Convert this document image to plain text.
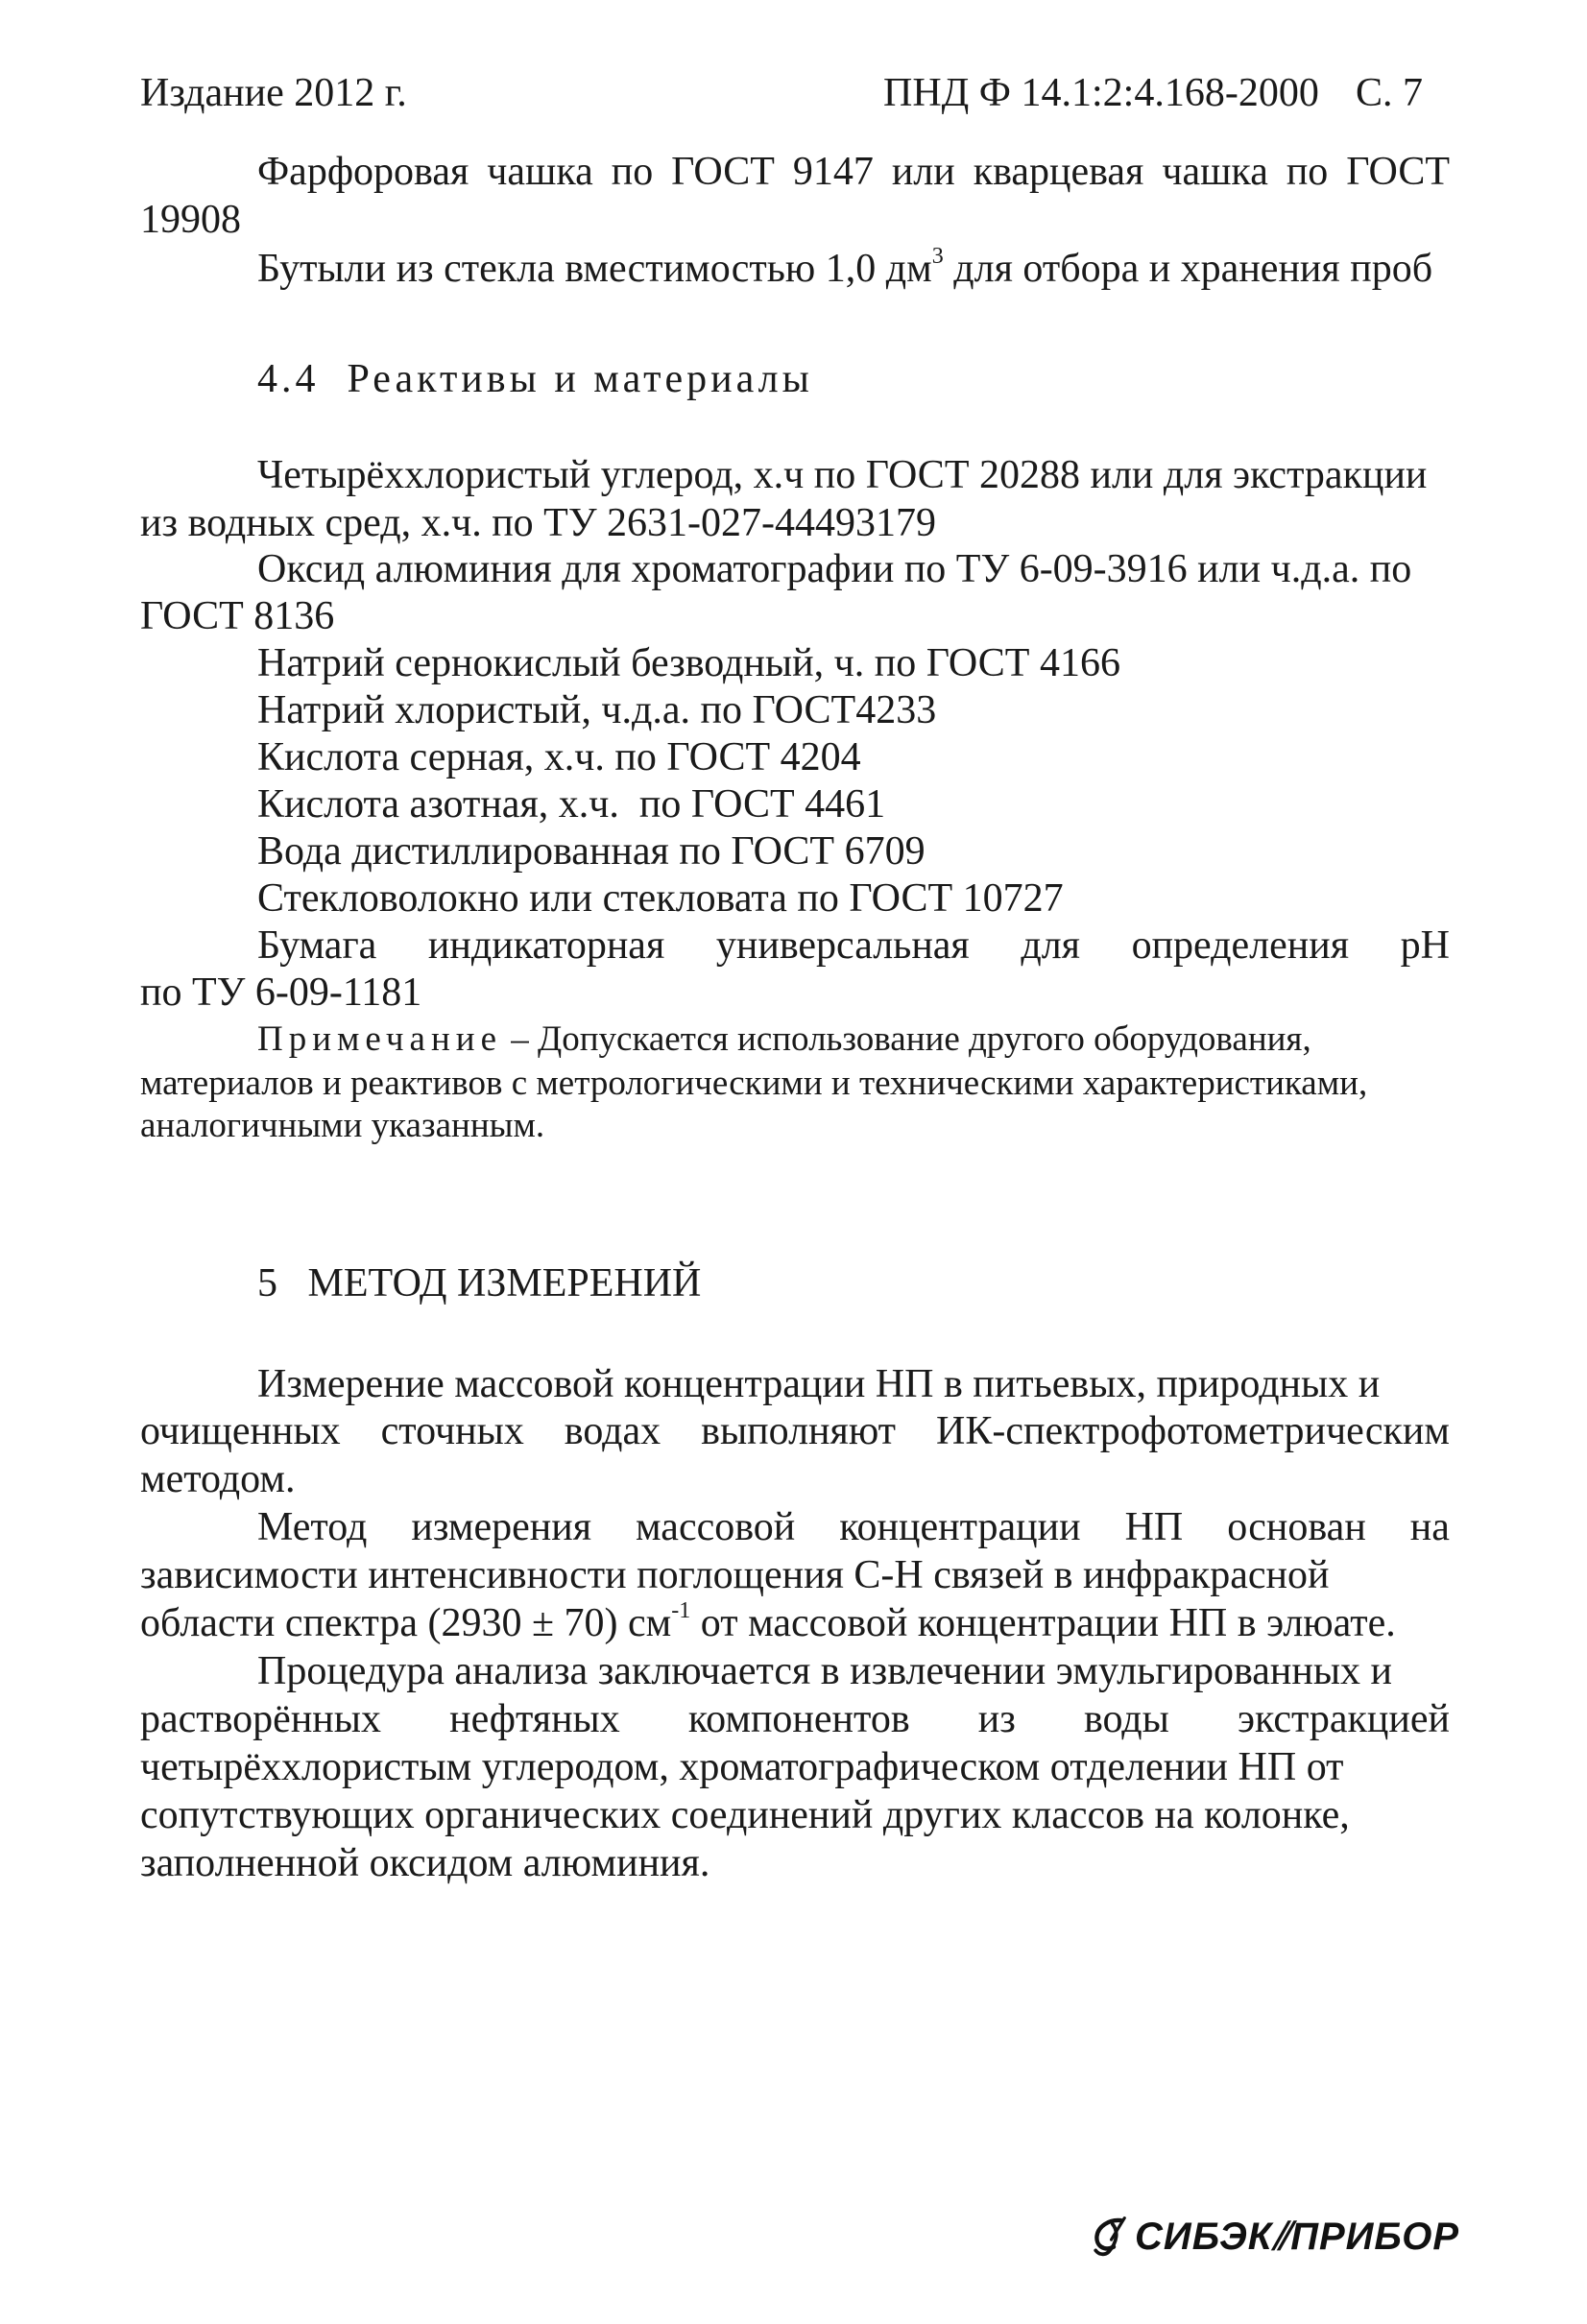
Издание 2012 г.	ПНД Ф 14.1:2:4.168-2000 С. 7
Фарфоровая чашка по ГОСТ 9147 или кварцевая чашка по ГОСТ
19908
Бутыли из стекла вместимостью 1,0 $дм^3$ для отбора и хранения проб
4.4  Реактивы и материалы
Четырёххлористый углерод, х.ч по ГОСТ 20288 или для экстракции
из водных сред, х.ч. по ТУ 2631-027-44493179
Оксид алюминия для хроматографии по ТУ 6-09-3916 или ч.д.а. по
ГОСТ 8136
Натрий сернокислый безводный, ч. по ГОСТ 4166
Натрий хлористый, ч.д.а. по ГОСТ4233
Кислота серная, х.ч. по ГОСТ 4204
Кислота азотная, х.ч.  по ГОСТ 4461
Вода дистиллированная по ГОСТ 6709
Стекловолокно или стекловата по ГОСТ 10727
Бумага индикаторная универсальная для определения pH
по ТУ 6-09-1181
Примечание – Допускается использование другого оборудования,
материалов и реактивов с метрологическими и техническими характеристиками,
аналогичными указанным.
5   МЕТОД ИЗМЕРЕНИЙ
Измерение массовой концентрации НП в питьевых, природных и
очищенных сточных водах выполняют ИК-спектрофотометрическим
методом.
Метод измерения массовой концентрации НП основан на
зависимости интенсивности поглощения С-Н связей в инфракрасной
области спектра (2930 ± 70) $см^{-1}$ от массовой концентрации НП в элюате.
Процедура анализа заключается в извлечении эмульгированных и
растворённых нефтяных компонентов из воды экстракцией
четырёххлористым углеродом, хроматографическом отделении НП от
сопутствующих органических соединений других классов на колонке,
заполненной оксидом алюминия.
СИБЭК⫽ПРИБОР
